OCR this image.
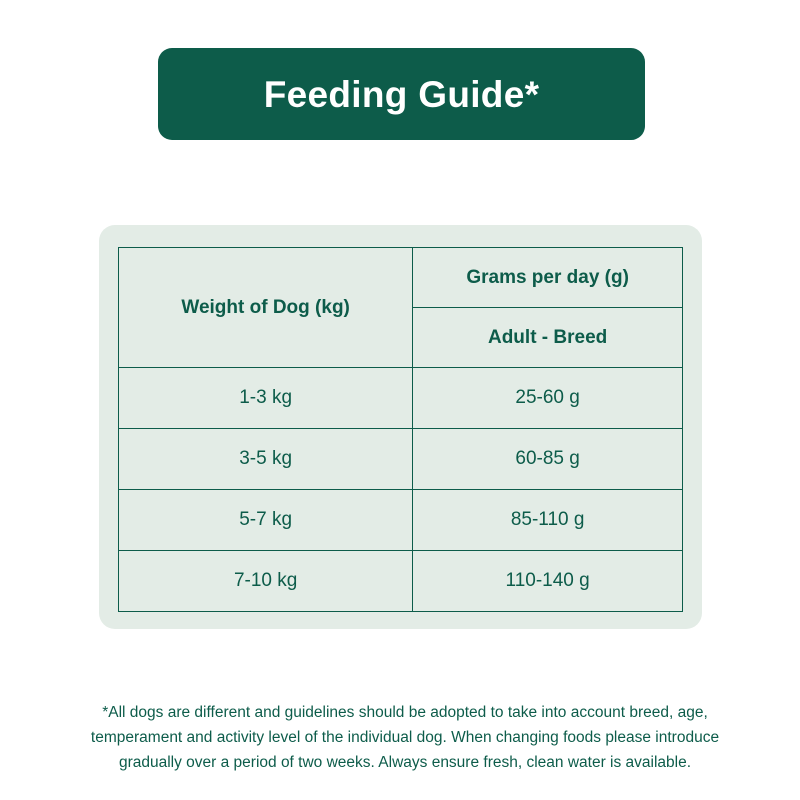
Feeding Guide*
Weight of Dog (kg)	Grams per day (g)
	Adult - Breed
1-3 kg	25-60 g
3-5 kg	60-85 g
5-7 kg	85-110 g
7-10 kg	110-140 g
*All dogs are different and guidelines should be adopted to take into account breed, age, temperament and activity level of the individual dog. When changing foods please introduce gradually over a period of two weeks. Always ensure fresh, clean water is available.
